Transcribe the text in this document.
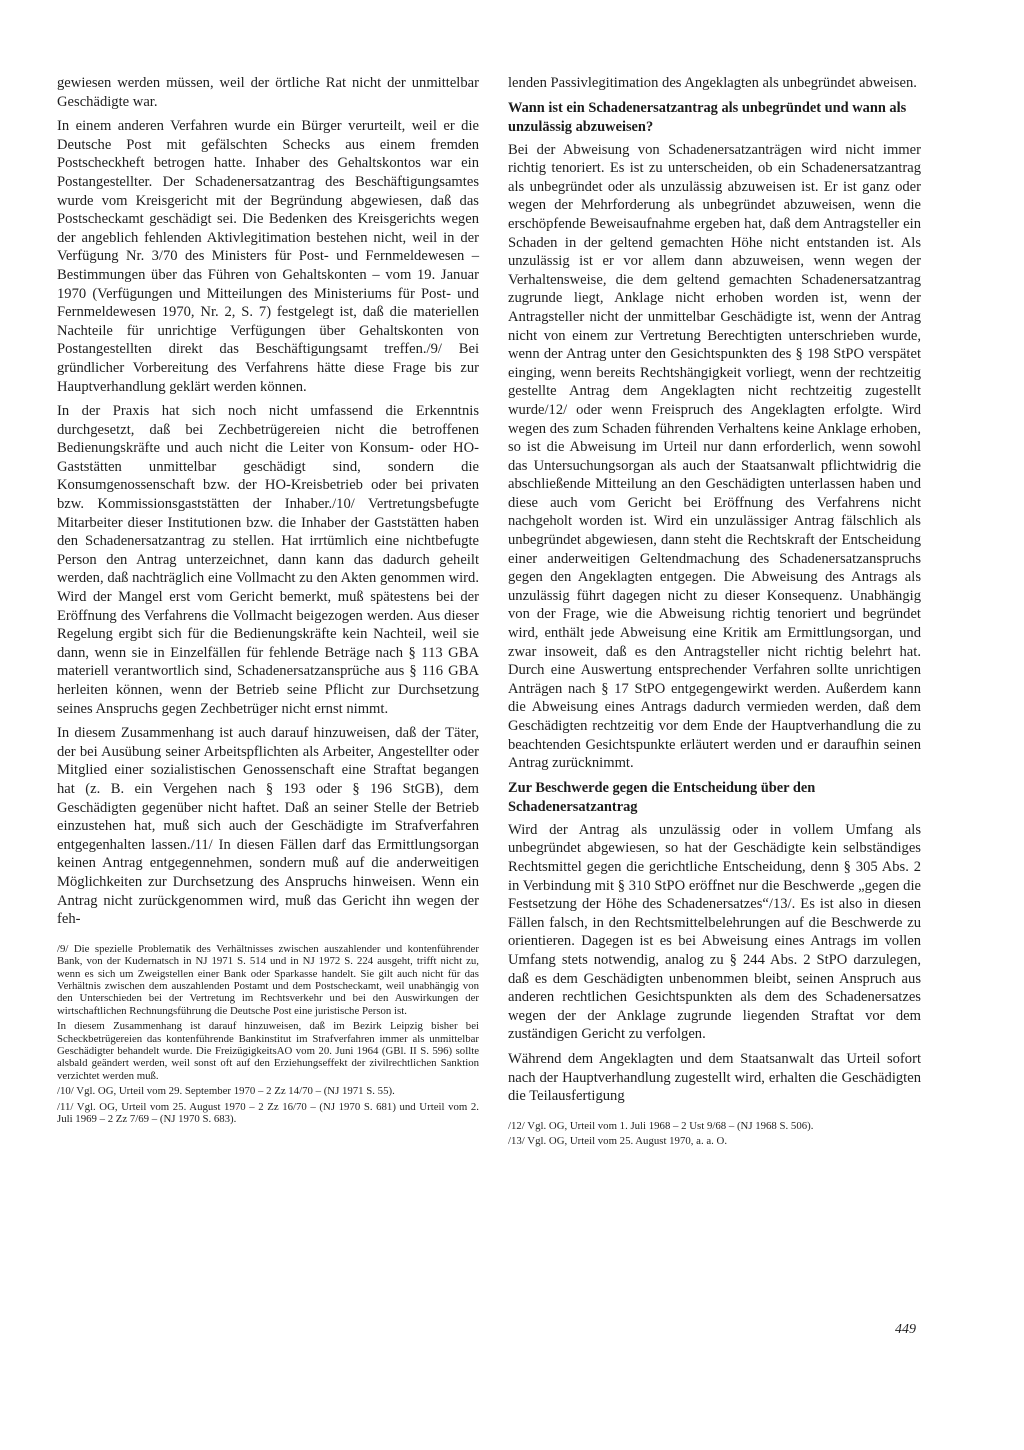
gewiesen werden müssen, weil der örtliche Rat nicht der unmittelbar Geschädigte war.

In einem anderen Verfahren wurde ein Bürger verurteilt, weil er die Deutsche Post mit gefälschten Schecks aus einem fremden Postscheckheft betrogen hatte. Inhaber des Gehaltskontos war ein Postangestellter. Der Schadenersatzantrag des Beschäftigungsamtes wurde vom Kreisgericht mit der Begründung abgewiesen, daß das Postscheckamt geschädigt sei. Die Bedenken des Kreisgerichts wegen der angeblich fehlenden Aktivlegitimation bestehen nicht, weil in der Verfügung Nr. 3/70 des Ministers für Post- und Fernmeldewesen – Bestimmungen über das Führen von Gehaltskonten – vom 19. Januar 1970 (Verfügungen und Mitteilungen des Ministeriums für Post- und Fernmeldewesen 1970, Nr. 2, S. 7) festgelegt ist, daß die materiellen Nachteile für unrichtige Verfügungen über Gehaltskonten von Postangestellten direkt das Beschäftigungsamt treffen./9/ Bei gründlicher Vorbereitung des Verfahrens hätte diese Frage bis zur Hauptverhandlung geklärt werden können.

In der Praxis hat sich noch nicht umfassend die Erkenntnis durchgesetzt, daß bei Zechbetrügereien nicht die betroffenen Bedienungskräfte und auch nicht die Leiter von Konsum- oder HO-Gaststätten unmittelbar geschädigt sind, sondern die Konsumgenossenschaft bzw. der HO-Kreisbetrieb oder bei privaten bzw. Kommissionsgaststätten der Inhaber./10/ Vertretungsbefugte Mitarbeiter dieser Institutionen bzw. die Inhaber der Gaststätten haben den Schadenersatzantrag zu stellen. Hat irrtümlich eine nichtbefugte Person den Antrag unterzeichnet, dann kann das dadurch geheilt werden, daß nachträglich eine Vollmacht zu den Akten genommen wird. Wird der Mangel erst vom Gericht bemerkt, muß spätestens bei der Eröffnung des Verfahrens die Vollmacht beigezogen werden. Aus dieser Regelung ergibt sich für die Bedienungskräfte kein Nachteil, weil sie dann, wenn sie in Einzelfällen für fehlende Beträge nach § 113 GBA materiell verantwortlich sind, Schadenersatzansprüche aus § 116 GBA herleiten können, wenn der Betrieb seine Pflicht zur Durchsetzung seines Anspruchs gegen Zechbetrüger nicht ernst nimmt.

In diesem Zusammenhang ist auch darauf hinzuweisen, daß der Täter, der bei Ausübung seiner Arbeitspflichten als Arbeiter, Angestellter oder Mitglied einer sozialistischen Genossenschaft eine Straftat begangen hat (z. B. ein Vergehen nach § 193 oder § 196 StGB), dem Geschädigten gegenüber nicht haftet. Daß an seiner Stelle der Betrieb einzustehen hat, muß sich auch der Geschädigte im Strafverfahren entgegenhalten lassen./11/ In diesen Fällen darf das Ermittlungsorgan keinen Antrag entgegennehmen, sondern muß auf die anderweitigen Möglichkeiten zur Durchsetzung des Anspruchs hinweisen. Wenn ein Antrag nicht zurückgenommen wird, muß das Gericht ihn wegen der feh-

/9/ Die spezielle Problematik des Verhältnisses zwischen auszahlender und kontenführender Bank, von der Kudernatsch in NJ 1971 S. 514 und in NJ 1972 S. 224 ausgeht, trifft nicht zu, wenn es sich um Zweigstellen einer Bank oder Sparkasse handelt. Sie gilt auch nicht für das Verhältnis zwischen dem auszahlenden Postamt und dem Postscheckamt, weil unabhängig von den Unterschieden bei der Vertretung im Rechtsverkehr und bei den Auswirkungen der wirtschaftlichen Rechnungsführung die Deutsche Post eine juristische Person ist.

In diesem Zusammenhang ist darauf hinzuweisen, daß im Bezirk Leipzig bisher bei Scheckbetrügereien das kontenführende Bankinstitut im Strafverfahren immer als unmittelbar Geschädigter behandelt wurde. Die FreizügigkeitsAO vom 20. Juni 1964 (GBl. II S. 596) sollte alsbald geändert werden, weil sonst oft auf den Erziehungseffekt der zivilrechtlichen Sanktion verzichtet werden muß.

/10/ Vgl. OG, Urteil vom 29. September 1970 – 2 Zz 14/70 – (NJ 1971 S. 55).

/11/ Vgl. OG, Urteil vom 25. August 1970 – 2 Zz 16/70 – (NJ 1970 S. 681) und Urteil vom 2. Juli 1969 – 2 Zz 7/69 – (NJ 1970 S. 683).

lenden Passivlegitimation des Angeklagten als unbegründet abweisen.

Wann ist ein Schadenersatzantrag als unbegründet und wann als unzulässig abzuweisen?

Bei der Abweisung von Schadenersatzanträgen wird nicht immer richtig tenoriert. Es ist zu unterscheiden, ob ein Schadenersatzantrag als unbegründet oder als unzulässig abzuweisen ist. Er ist ganz oder wegen der Mehrforderung als unbegründet abzuweisen, wenn die erschöpfende Beweisaufnahme ergeben hat, daß dem Antragsteller ein Schaden in der geltend gemachten Höhe nicht entstanden ist. Als unzulässig ist er vor allem dann abzuweisen, wenn wegen der Verhaltensweise, die dem geltend gemachten Schadenersatzantrag zugrunde liegt, Anklage nicht erhoben worden ist, wenn der Antragsteller nicht der unmittelbar Geschädigte ist, wenn der Antrag nicht von einem zur Vertretung Berechtigten unterschrieben wurde, wenn der Antrag unter den Gesichtspunkten des § 198 StPO verspätet einging, wenn bereits Rechtshängigkeit vorliegt, wenn der rechtzeitig gestellte Antrag dem Angeklagten nicht rechtzeitig zugestellt wurde/12/ oder wenn Freispruch des Angeklagten erfolgte. Wird wegen des zum Schaden führenden Verhaltens keine Anklage erhoben, so ist die Abweisung im Urteil nur dann erforderlich, wenn sowohl das Untersuchungsorgan als auch der Staatsanwalt pflichtwidrig die abschließende Mitteilung an den Geschädigten unterlassen haben und diese auch vom Gericht bei Eröffnung des Verfahrens nicht nachgeholt worden ist. Wird ein unzulässiger Antrag fälschlich als unbegründet abgewiesen, dann steht die Rechtskraft der Entscheidung einer anderweitigen Geltendmachung des Schadenersatzanspruchs gegen den Angeklagten entgegen. Die Abweisung des Antrags als unzulässig führt dagegen nicht zu dieser Konsequenz. Unabhängig von der Frage, wie die Abweisung richtig tenoriert und begründet wird, enthält jede Abweisung eine Kritik am Ermittlungsorgan, und zwar insoweit, daß es den Antragsteller nicht richtig belehrt hat. Durch eine Auswertung entsprechender Verfahren sollte unrichtigen Anträgen nach § 17 StPO entgegengewirkt werden. Außerdem kann die Abweisung eines Antrags dadurch vermieden werden, daß dem Geschädigten rechtzeitig vor dem Ende der Hauptverhandlung die zu beachtenden Gesichtspunkte erläutert werden und er daraufhin seinen Antrag zurücknimmt.

Zur Beschwerde gegen die Entscheidung über den Schadenersatzantrag

Wird der Antrag als unzulässig oder in vollem Umfang als unbegründet abgewiesen, so hat der Geschädigte kein selbständiges Rechtsmittel gegen die gerichtliche Entscheidung, denn § 305 Abs. 2 in Verbindung mit § 310 StPO eröffnet nur die Beschwerde „gegen die Festsetzung der Höhe des Schadenersatzes“/13/. Es ist also in diesen Fällen falsch, in den Rechtsmittelbelehrungen auf die Beschwerde zu orientieren. Dagegen ist es bei Abweisung eines Antrags im vollen Umfang stets notwendig, analog zu § 244 Abs. 2 StPO darzulegen, daß es dem Geschädigten unbenommen bleibt, seinen Anspruch aus anderen rechtlichen Gesichtspunkten als dem des Schadenersatzes wegen der der Anklage zugrunde liegenden Straftat vor dem zuständigen Gericht zu verfolgen.

Während dem Angeklagten und dem Staatsanwalt das Urteil sofort nach der Hauptverhandlung zugestellt wird, erhalten die Geschädigten die Teilausfertigung

/12/ Vgl. OG, Urteil vom 1. Juli 1968 – 2 Ust 9/68 – (NJ 1968 S. 506).

/13/ Vgl. OG, Urteil vom 25. August 1970, a. a. O.

449
